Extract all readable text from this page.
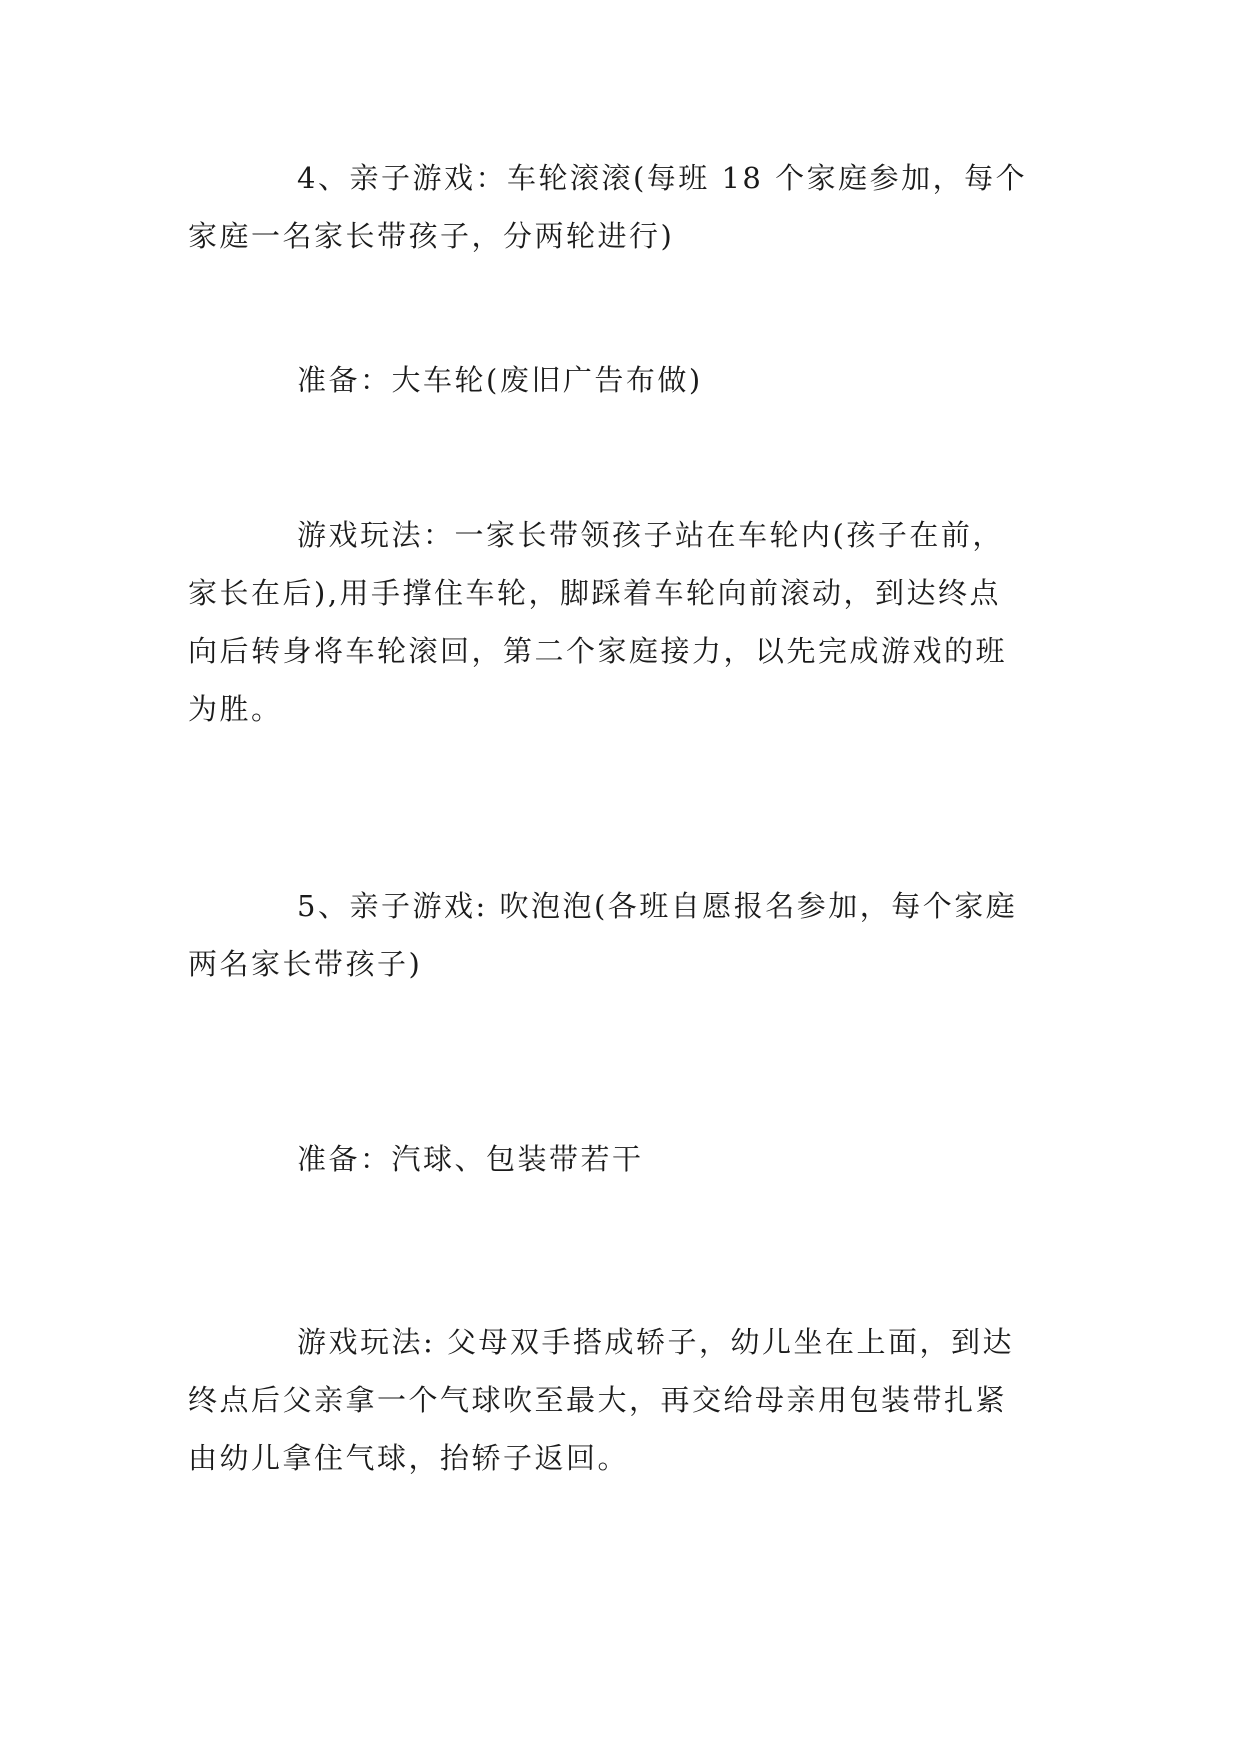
4、亲子游戏：车轮滚滚(每班 18 个家庭参加，每个
家庭一名家长带孩子，分两轮进行)

准备：大车轮(废旧广告布做)

游戏玩法：一家长带领孩子站在车轮内(孩子在前，
家长在后),用手撑住车轮，脚踩着车轮向前滚动，到达终点
向后转身将车轮滚回，第二个家庭接力，以先完成游戏的班
为胜。

5、亲子游戏: 吹泡泡(各班自愿报名参加，每个家庭
两名家长带孩子)

准备：汽球、包装带若干

游戏玩法: 父母双手搭成轿子，幼儿坐在上面，到达
终点后父亲拿一个气球吹至最大，再交给母亲用包装带扎紧
由幼儿拿住气球，抬轿子返回。
